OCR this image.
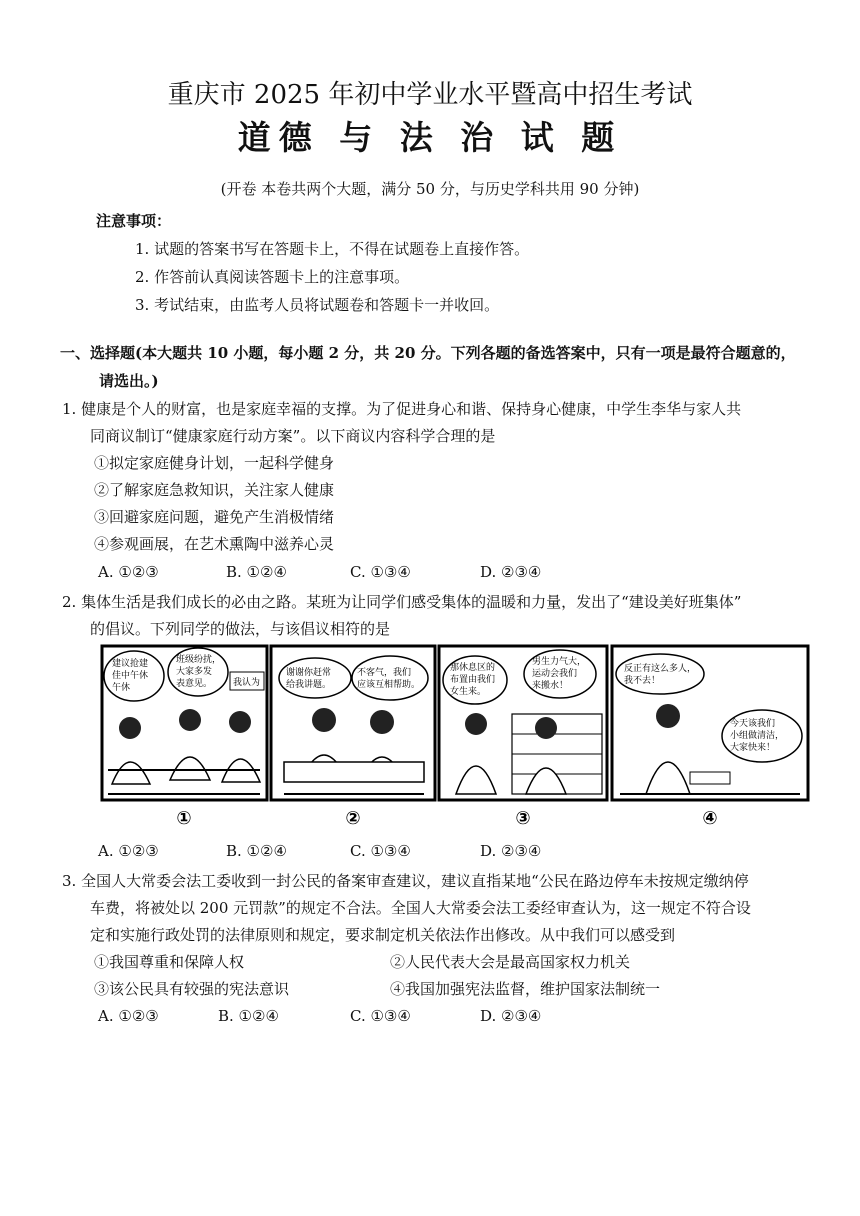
重庆市 2025 年初中学业水平暨高中招生考试
道德 与 法 治 试 题
(开卷 本卷共两个大题，满分 50 分，与历史学科共用 90 分钟)
注意事项：
1. 试题的答案书写在答题卡上，不得在试题卷上直接作答。
2. 作答前认真阅读答题卡上的注意事项。
3. 考试结束，由监考人员将试题卷和答题卡一并收回。
一、选择题(本大题共 10 小题，每小题 2 分，共 20 分。下列各题的备选答案中，只有一项是最符合题意的，
请选出。)
1. 健康是个人的财富，也是家庭幸福的支撑。为了促进身心和谐、保持身心健康，中学生李华与家人共
同商议制订“健康家庭行动方案”。以下商议内容科学合理的是
①拟定家庭健身计划，一起科学健身
②了解家庭急救知识，关注家人健康
③回避家庭问题，避免产生消极情绪
④参观画展，在艺术熏陶中滋养心灵
A. ①②③	B. ①②④	C. ①③④	D. ②③④
2. 集体生活是我们成长的必由之路。某班为让同学们感受集体的温暖和力量，发出了“建设美好班集体”
的倡议。下列同学的做法，与该倡议相符的是
建议抢建
佳中午休
午休
班级纷扰，
大家多发
表意见。 我认为
①
谢谢你赶常
给我讲题。
不客气，我们
应该互相帮助。
②
那休息区的
布置由我们
女生来。
男生力气大，
运动会我们
来搬水！
③
反正有这么多人，
我不去！
今天该我们
小组做清洁，
大家快来！
④
A. ①②③	B. ①②④	C. ①③④	D. ②③④
3. 全国人大常委会法工委收到一封公民的备案审查建议，建议直指某地“公民在路边停车未按规定缴纳停
车费，将被处以 200 元罚款”的规定不合法。全国人大常委会法工委经审查认为，这一规定不符合设
定和实施行政处罚的法律原则和规定，要求制定机关依法作出修改。从中我们可以感受到
①我国尊重和保障人权	②人民代表大会是最高国家权力机关
③该公民具有较强的宪法意识	④我国加强宪法监督，维护国家法制统一
A. ①②③	B. ①②④	C. ①③④	D. ②③④
